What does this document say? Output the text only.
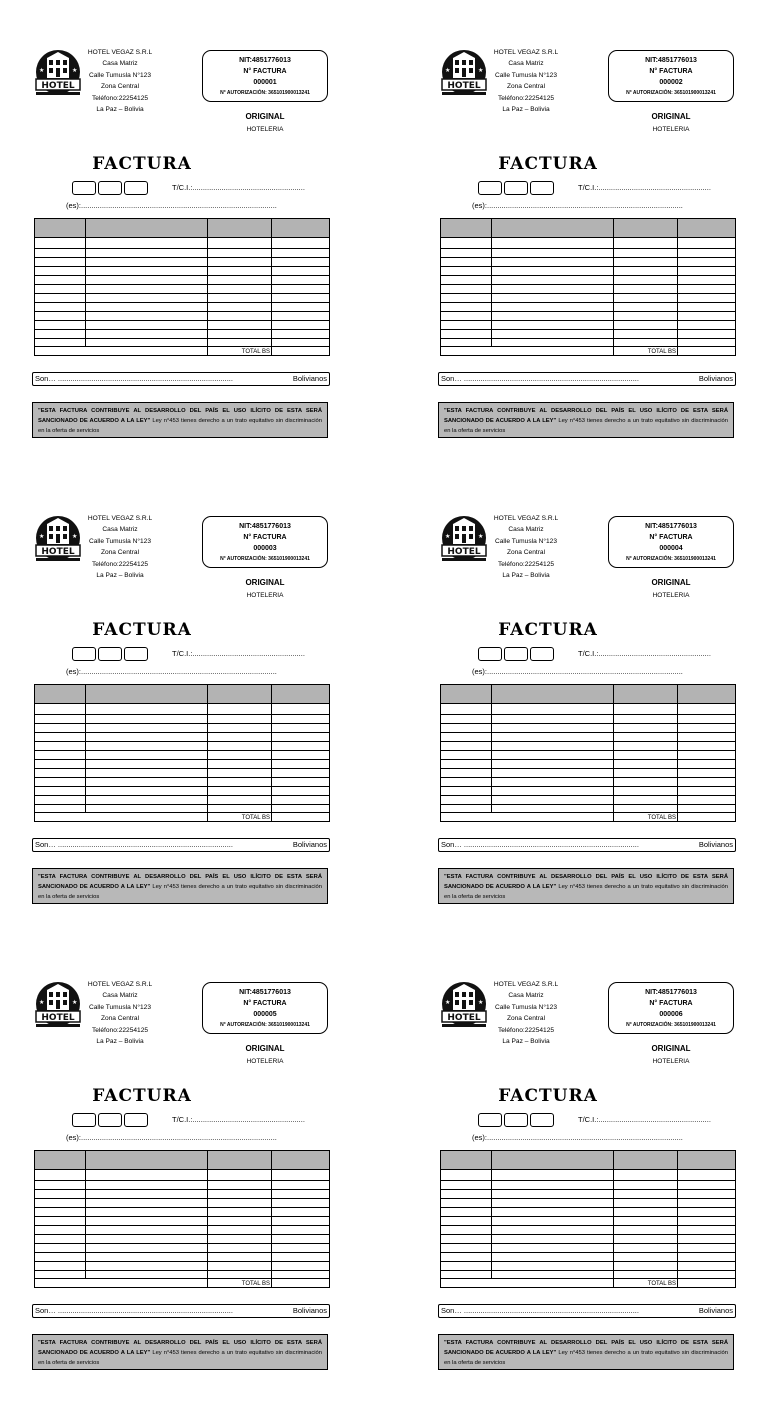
★	★
HOTEL
HOTEL VEGAZ S.R.L
Casa Matriz
Calle Tumusla N°123
Zona Central
Teléfono:22254125
La Paz – Bolivia
NIT:4851776013
N° FACTURA
000001
N° AUTORIZACIÓN: 365101900013241
ORIGINAL
HOTELERIA
FACTURA
T/C.I.:......................................................
(es):..............................................................................................
TOTAL BS
Son… ....................................................................................	Bolivianos
"ESTA FACTURA CONTRIBUYE AL DESARROLLO DEL PAÍS EL USO ILÍCITO DE ESTA SERÁ SANCIONADO DE ACUERDO A LA LEY" Ley n°453 tienes derecho a un trato equitativo sin discriminación en la oferta de servicios
★	★
HOTEL
HOTEL VEGAZ S.R.L
Casa Matriz
Calle Tumusla N°123
Zona Central
Teléfono:22254125
La Paz – Bolivia
NIT:4851776013
N° FACTURA
000002
N° AUTORIZACIÓN: 365101900013241
ORIGINAL
HOTELERIA
FACTURA
T/C.I.:......................................................
(es):..............................................................................................
TOTAL BS
Son… ....................................................................................	Bolivianos
"ESTA FACTURA CONTRIBUYE AL DESARROLLO DEL PAÍS EL USO ILÍCITO DE ESTA SERÁ SANCIONADO DE ACUERDO A LA LEY" Ley n°453 tienes derecho a un trato equitativo sin discriminación en la oferta de servicios
★	★
HOTEL
HOTEL VEGAZ S.R.L
Casa Matriz
Calle Tumusla N°123
Zona Central
Teléfono:22254125
La Paz – Bolivia
NIT:4851776013
N° FACTURA
000003
N° AUTORIZACIÓN: 365101900013241
ORIGINAL
HOTELERIA
FACTURA
T/C.I.:......................................................
(es):..............................................................................................
TOTAL BS
Son… ....................................................................................	Bolivianos
"ESTA FACTURA CONTRIBUYE AL DESARROLLO DEL PAÍS EL USO ILÍCITO DE ESTA SERÁ SANCIONADO DE ACUERDO A LA LEY" Ley n°453 tienes derecho a un trato equitativo sin discriminación en la oferta de servicios
★	★
HOTEL
HOTEL VEGAZ S.R.L
Casa Matriz
Calle Tumusla N°123
Zona Central
Teléfono:22254125
La Paz – Bolivia
NIT:4851776013
N° FACTURA
000004
N° AUTORIZACIÓN: 365101900013241
ORIGINAL
HOTELERIA
FACTURA
T/C.I.:......................................................
(es):..............................................................................................
TOTAL BS
Son… ....................................................................................	Bolivianos
"ESTA FACTURA CONTRIBUYE AL DESARROLLO DEL PAÍS EL USO ILÍCITO DE ESTA SERÁ SANCIONADO DE ACUERDO A LA LEY" Ley n°453 tienes derecho a un trato equitativo sin discriminación en la oferta de servicios
★	★
HOTEL
HOTEL VEGAZ S.R.L
Casa Matriz
Calle Tumusla N°123
Zona Central
Teléfono:22254125
La Paz – Bolivia
NIT:4851776013
N° FACTURA
000005
N° AUTORIZACIÓN: 365101900013241
ORIGINAL
HOTELERIA
FACTURA
T/C.I.:......................................................
(es):..............................................................................................
TOTAL BS
Son… ....................................................................................	Bolivianos
"ESTA FACTURA CONTRIBUYE AL DESARROLLO DEL PAÍS EL USO ILÍCITO DE ESTA SERÁ SANCIONADO DE ACUERDO A LA LEY" Ley n°453 tienes derecho a un trato equitativo sin discriminación en la oferta de servicios
★	★
HOTEL
HOTEL VEGAZ S.R.L
Casa Matriz
Calle Tumusla N°123
Zona Central
Teléfono:22254125
La Paz – Bolivia
NIT:4851776013
N° FACTURA
000006
N° AUTORIZACIÓN: 365101900013241
ORIGINAL
HOTELERIA
FACTURA
T/C.I.:......................................................
(es):..............................................................................................
TOTAL BS
Son… ....................................................................................	Bolivianos
"ESTA FACTURA CONTRIBUYE AL DESARROLLO DEL PAÍS EL USO ILÍCITO DE ESTA SERÁ SANCIONADO DE ACUERDO A LA LEY" Ley n°453 tienes derecho a un trato equitativo sin discriminación en la oferta de servicios
